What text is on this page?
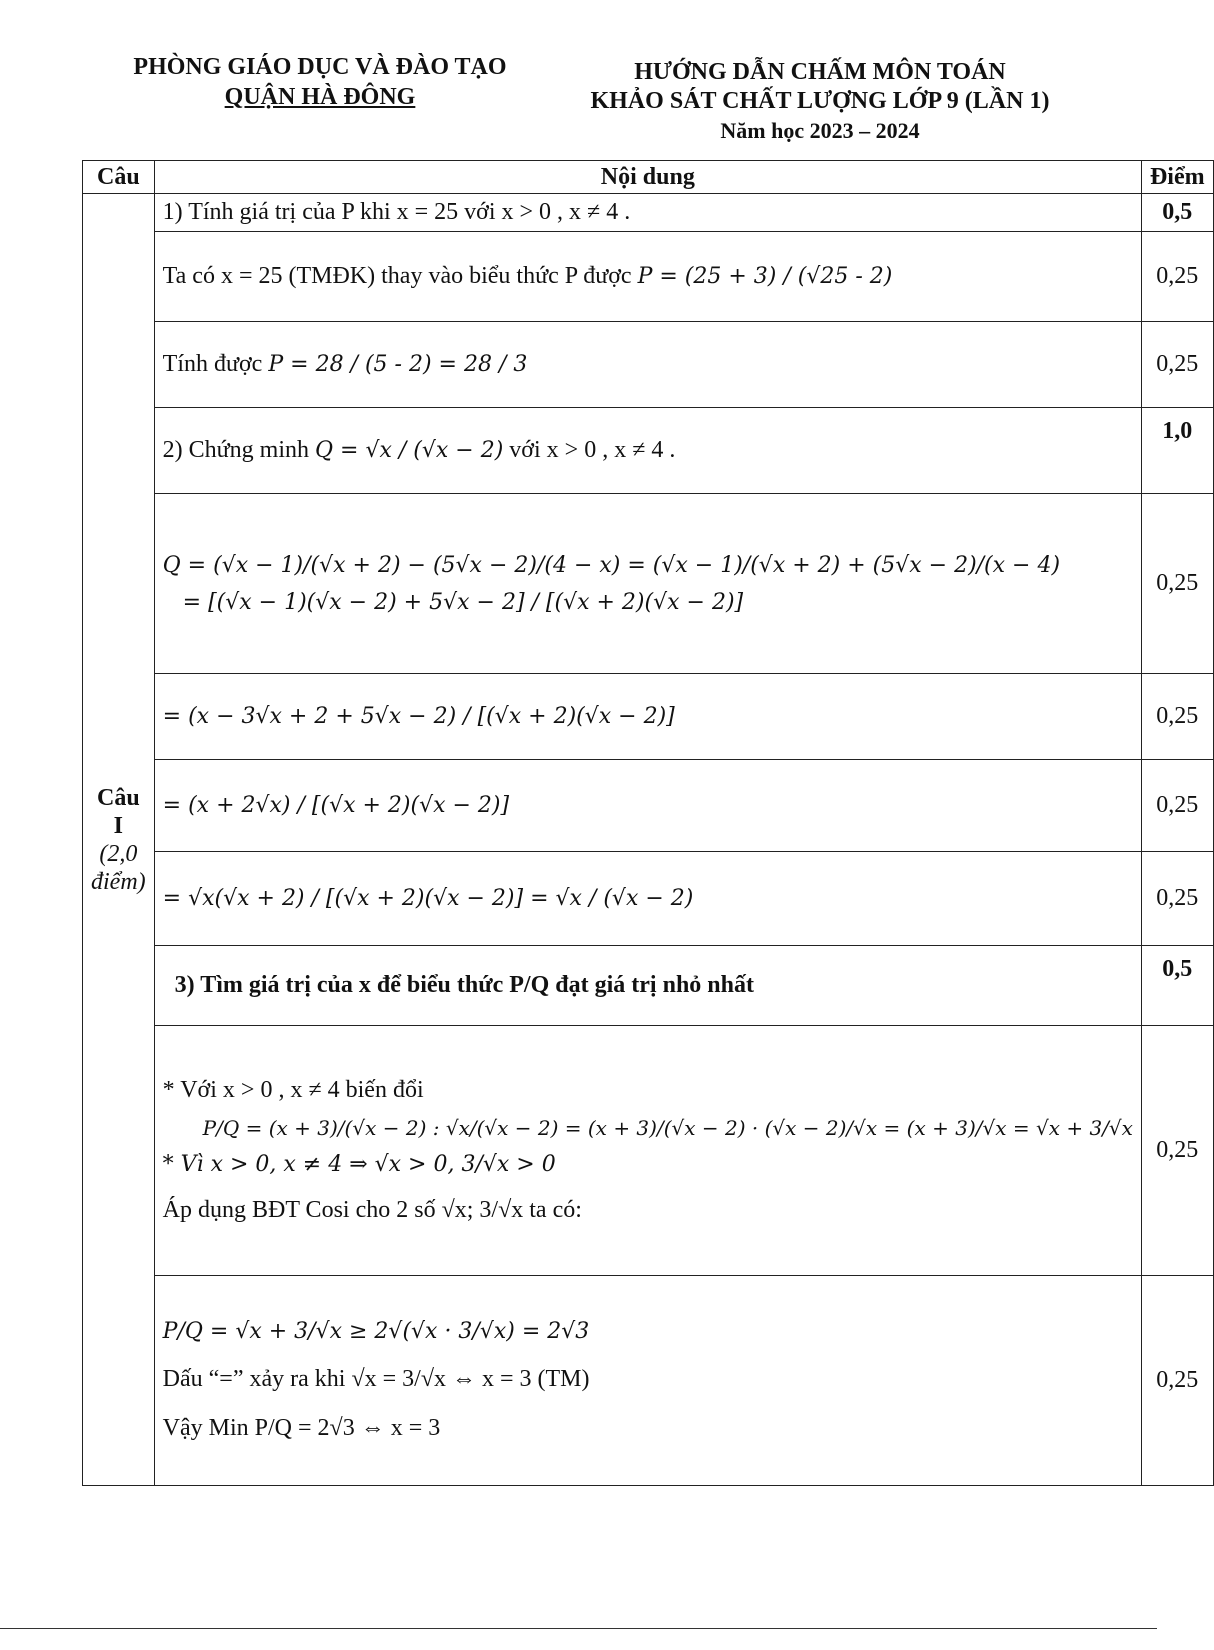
PHÒNG GIÁO DỤC VÀ ĐÀO TẠO
QUẬN HÀ ĐÔNG
HƯỚNG DẪN CHẤM MÔN TOÁN
KHẢO SÁT CHẤT LƯỢNG LỚP 9 (LẦN 1)
Năm học 2023 – 2024
Câu	Nội dung	Điểm

Câu I
(2,0
điểm)	1) Tính giá trị của P khi x = 25 với x > 0 , x ≠ 4 .	0,5
	Ta có x = 25 (TMĐK) thay vào biểu thức P được P = (25 + 3) / (√25 - 2)	0,25
	Tính được P = 28 / (5 - 2) = 28 / 3	0,25
	2) Chứng minh Q = √x / (√x − 2) với x > 0 , x ≠ 4 .	1,0

	Q = (√x − 1)/(√x + 2) − (5√x − 2)/(4 − x) = (√x − 1)/(√x + 2) + (5√x − 2)/(x − 4)
= [(√x − 1)(√x − 2) + 5√x − 2] / [(√x + 2)(√x − 2)]	0,25
	= (x − 3√x + 2 + 5√x − 2) / [(√x + 2)(√x − 2)]	0,25
	= (x + 2√x) / [(√x + 2)(√x − 2)]	0,25
	= √x(√x + 2) / [(√x + 2)(√x − 2)] = √x / (√x − 2)	0,25
	3) Tìm giá trị của x để biểu thức P/Q đạt giá trị nhỏ nhất	0,5

	* Với x > 0 , x ≠ 4 biến đổi
P/Q = (x + 3)/(√x − 2) : √x/(√x − 2) = (x + 3)/(√x − 2) · (√x − 2)/√x = (x + 3)/√x = √x + 3/√x
* Vì x > 0, x ≠ 4 ⇒ √x > 0, 3/√x > 0
Áp dụng BĐT Cosi cho 2 số √x; 3/√x ta có:	0,25

	P/Q = √x + 3/√x ≥ 2√(√x · 3/√x) = 2√3
Dấu “=” xảy ra khi √x = 3/√x ⇔ x = 3 (TM)
Vậy Min P/Q = 2√3 ⇔ x = 3	0,25
